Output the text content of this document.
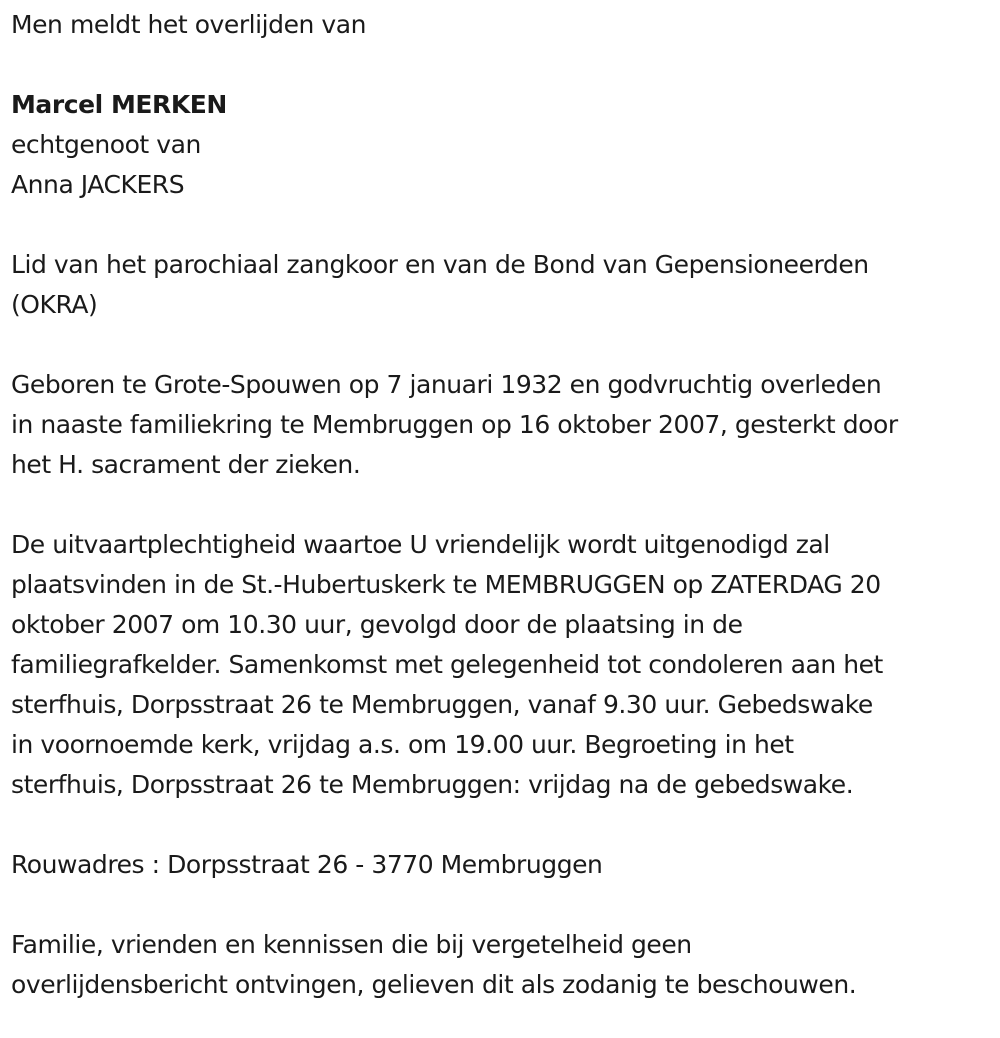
Men meldt het overlijden van
Marcel MERKEN
echtgenoot van
Anna JACKERS
Lid van het parochiaal zangkoor en van de Bond van Gepensioneerden
(OKRA)
Geboren te Grote-Spouwen op 7 januari 1932 en godvruchtig overleden
in naaste familiekring te Membruggen op 16 oktober 2007, gesterkt door
het H. sacrament der zieken.
De uitvaartplechtigheid waartoe U vriendelijk wordt uitgenodigd zal
plaatsvinden in de St.-Hubertuskerk te MEMBRUGGEN op ZATERDAG 20
oktober 2007 om 10.30 uur, gevolgd door de plaatsing in de
familiegrafkelder. Samenkomst met gelegenheid tot condoleren aan het
sterfhuis, Dorpsstraat 26 te Membruggen, vanaf 9.30 uur. Gebedswake
in voornoemde kerk, vrijdag a.s. om 19.00 uur. Begroeting in het
sterfhuis, Dorpsstraat 26 te Membruggen: vrijdag na de gebedswake.
Rouwadres : Dorpsstraat 26 - 3770 Membruggen
Familie, vrienden en kennissen die bij vergetelheid geen
overlijdensbericht ontvingen, gelieven dit als zodanig te beschouwen.
